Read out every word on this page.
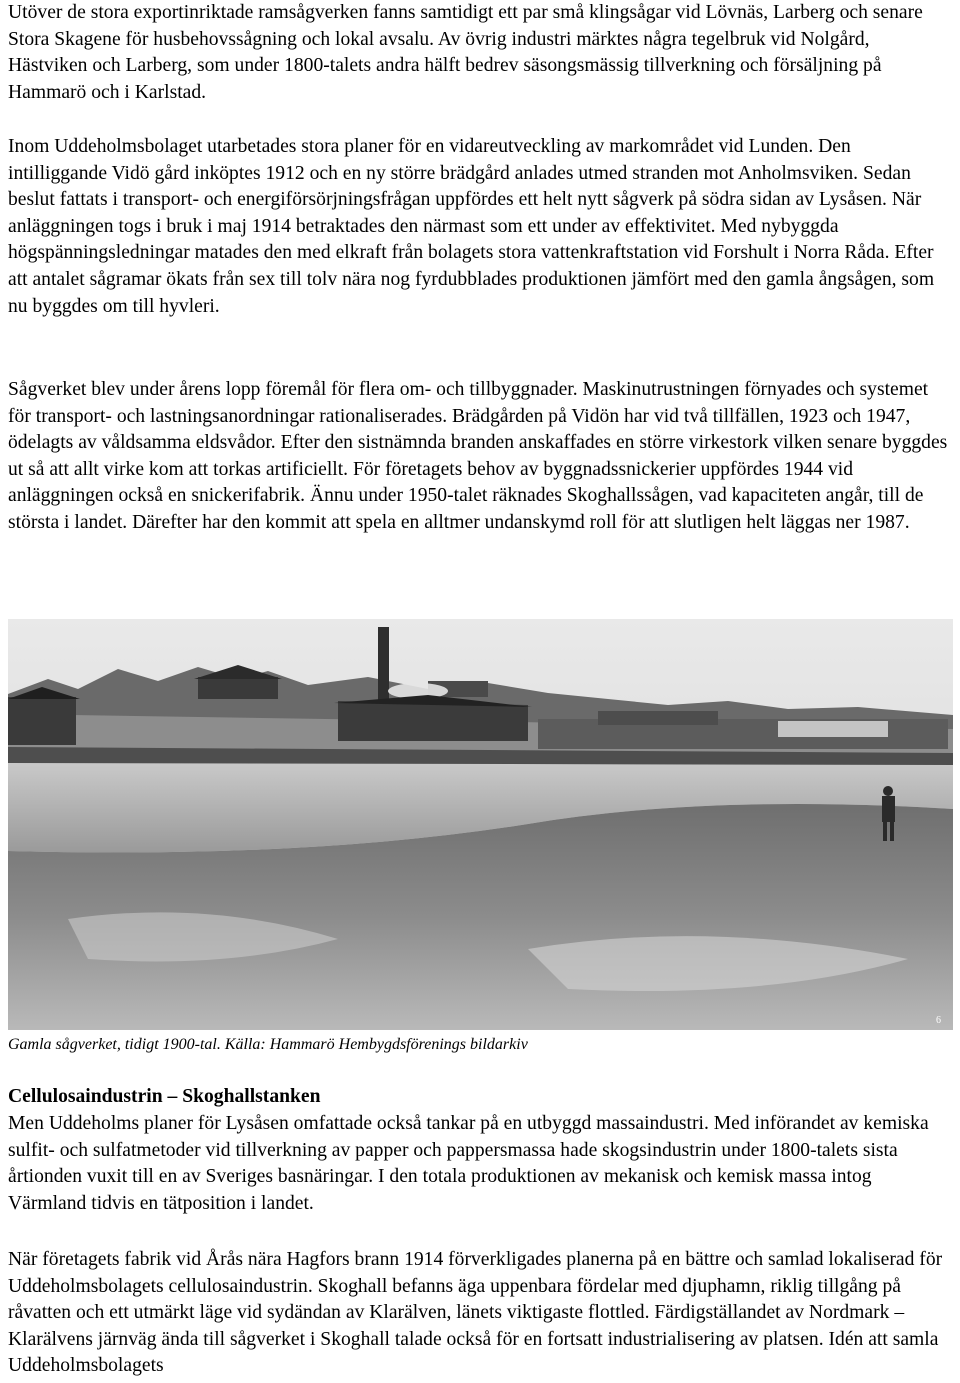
Utöver de stora exportinriktade ramsågverken fanns samtidigt ett par små klingsågar vid Lövnäs, Larberg och senare Stora Skagene för husbehovssågning och lokal avsalu. Av övrig industri märktes några tegelbruk vid Nolgård, Hästviken och Larberg, som under 1800-talets andra hälft bedrev säsongsmässig tillverkning och försäljning på Hammarö och i Karlstad.

Inom Uddeholmsbolaget utarbetades stora planer för en vidareutveckling av markområdet vid Lunden. Den intilliggande Vidö gård inköptes 1912 och en ny större brädgård anlades utmed stranden mot Anholmsviken. Sedan beslut fattats i transport- och energiförsörjningsfrågan uppfördes ett helt nytt sågverk på södra sidan av Lysåsen. När anläggningen togs i bruk i maj 1914 betraktades den närmast som ett under av effektivitet. Med nybyggda högspänningsledningar matades den med elkraft från bolagets stora vattenkraftstation vid Forshult i Norra Råda. Efter att antalet sågramar ökats från sex till tolv nära nog fyrdubblades produktionen jämfört med den gamla ångsågen, som nu byggdes om till hyvleri.

Sågverket blev under årens lopp föremål för flera om- och tillbyggnader. Maskinutrustningen förnyades och systemet för transport- och lastningsanordningar rationaliserades. Brädgården på Vidön har vid två tillfällen, 1923 och 1947, ödelagts av våldsamma eldsvådor. Efter den sistnämnda branden anskaffades en större virkestork vilken senare byggdes ut så att allt virke kom att torkas artificiellt. För företagets behov av byggnadssnickerier uppfördes 1944 vid anläggningen också en snickerifabrik. Ännu under 1950-talet räknades Skoghallssågen, vad kapaciteten angår, till de största i landet. Därefter har den kommit att spela en alltmer undanskymd roll för att slutligen helt läggas ner 1987.

6

Gamla sågverket, tidigt 1900-tal. Källa: Hammarö Hembygdsförenings bildarkiv

Cellulosaindustrin – Skoghallstanken

Men Uddeholms planer för Lysåsen omfattade också tankar på en utbyggd massaindustri. Med införandet av kemiska sulfit- och sulfatmetoder vid tillverkning av papper och pappersmassa hade skogsindustrin under 1800-talets sista årtionden vuxit till en av Sveriges basnäringar. I den totala produktionen av mekanisk och kemisk massa intog Värmland tidvis en tätposition i landet.

När företagets fabrik vid Årås nära Hagfors brann 1914 förverkligades planerna på en bättre och samlad lokaliserad för Uddeholmsbolagets cellulosaindustrin. Skoghall befanns äga uppenbara fördelar med djuphamn, riklig tillgång på råvatten och ett utmärkt läge vid sydändan av Klarälven, länets viktigaste flottled. Färdigställandet av Nordmark – Klarälvens järnväg ända till sågverket i Skoghall talade också för en fortsatt industrialisering av platsen. Idén att samla Uddeholmsbolagets
